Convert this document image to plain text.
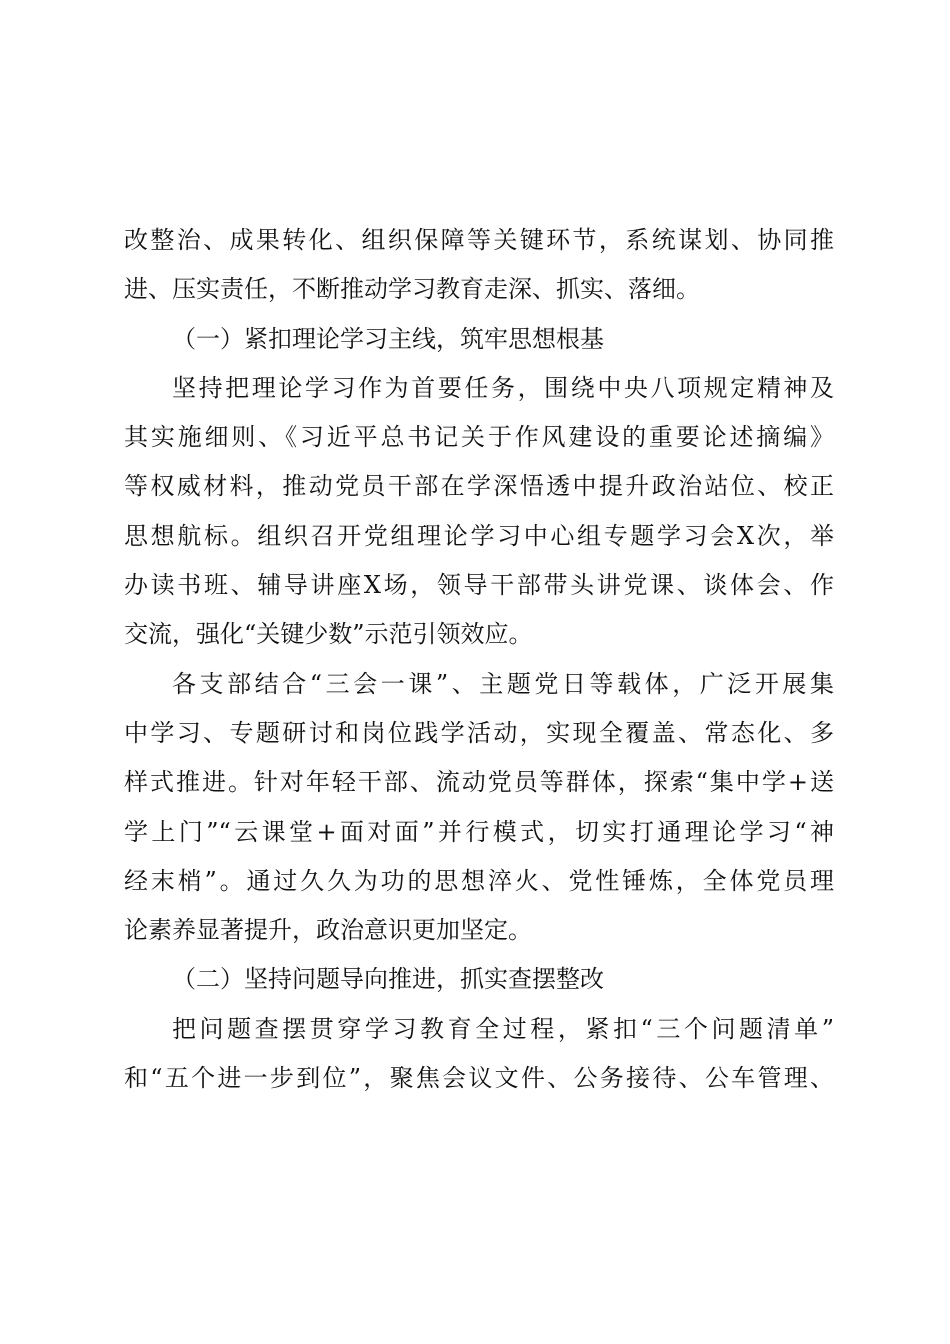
改整治、成果转化、组织保障等关键环节，系统谋划、协同推
进、压实责任，不断推动学习教育走深、抓实、落细。
（一）紧扣理论学习主线，筑牢思想根基
坚持把理论学习作为首要任务，围绕中央八项规定精神及
其实施细则、《习近平总书记关于作风建设的重要论述摘编》
等权威材料，推动党员干部在学深悟透中提升政治站位、校正
思想航标。组织召开党组理论学习中心组专题学习会X次，举
办读书班、辅导讲座X场，领导干部带头讲党课、谈体会、作
交流，强化“关键少数”示范引领效应。
各支部结合“三会一课”、主题党日等载体，广泛开展集
中学习、专题研讨和岗位践学活动，实现全覆盖、常态化、多
样式推进。针对年轻干部、流动党员等群体，探索“集中学+送
学上门”“云课堂+面对面”并行模式，切实打通理论学习“神
经末梢”。通过久久为功的思想淬火、党性锤炼，全体党员理
论素养显著提升，政治意识更加坚定。
（二）坚持问题导向推进，抓实查摆整改
把问题查摆贯穿学习教育全过程，紧扣“三个问题清单”
和“五个进一步到位”，聚焦会议文件、公务接待、公车管理、
